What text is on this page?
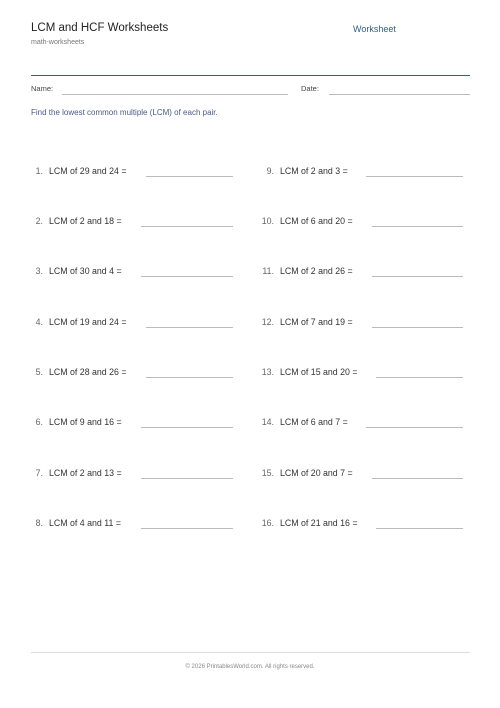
LCM and HCF Worksheets
math-worksheets
Worksheet
Name:	Date:
Find the lowest common multiple (LCM) of each pair.
1. LCM of 29 and 24 =
2. LCM of 2 and 18 =
3. LCM of 30 and 4 =
4. LCM of 19 and 24 =
5. LCM of 28 and 26 =
6. LCM of 9 and 16 =
7. LCM of 2 and 13 =
8. LCM of 4 and 11 =
9. LCM of 2 and 3 =
10. LCM of 6 and 20 =
11. LCM of 2 and 26 =
12. LCM of 7 and 19 =
13. LCM of 15 and 20 =
14. LCM of 6 and 7 =
15. LCM of 20 and 7 =
16. LCM of 21 and 16 =
© 2026 PrintablesWorld.com. All rights reserved.
